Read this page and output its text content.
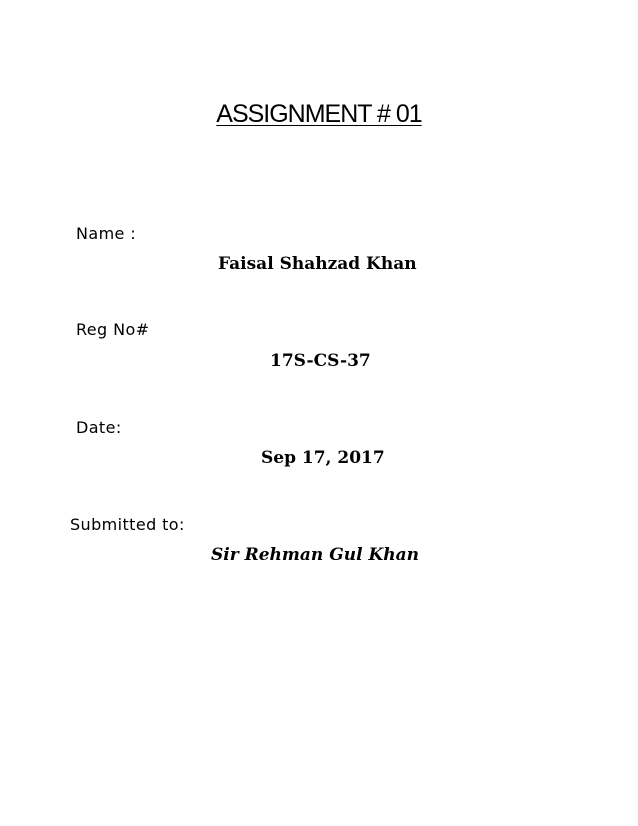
ASSIGNMENT # 01
Name :
Faisal Shahzad Khan
Reg No#
17S-CS-37
Date:
Sep 17, 2017
Submitted to:
Sir Rehman Gul Khan
